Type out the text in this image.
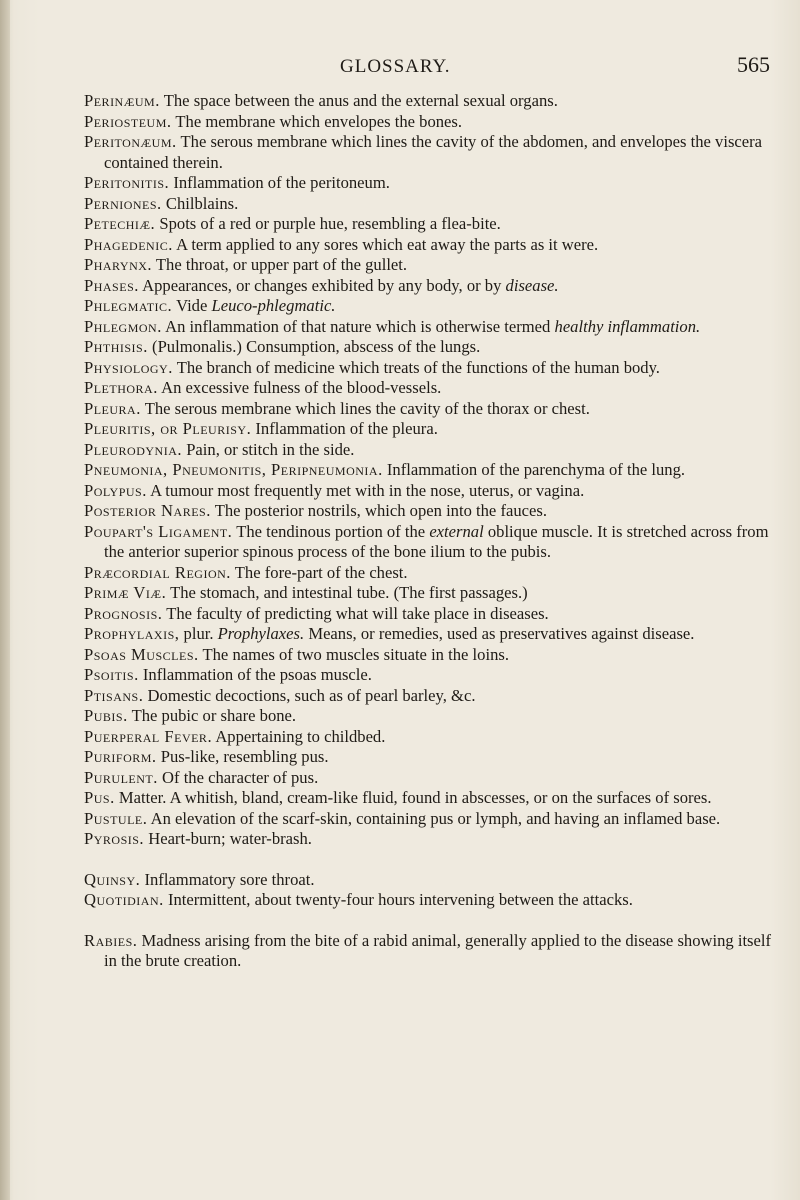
GLOSSARY.	565

Perinæum. The space between the anus and the external sexual organs.

Periosteum. The membrane which envelopes the bones.

Peritonæum. The serous membrane which lines the cavity of the abdomen, and envelopes the viscera contained therein.

Peritonitis. Inflammation of the peritoneum.

Perniones. Chilblains.

Petechiæ. Spots of a red or purple hue, resembling a flea-bite.

Phagedenic. A term applied to any sores which eat away the parts as it were.

Pharynx. The throat, or upper part of the gullet.

Phases. Appearances, or changes exhibited by any body, or by disease.

Phlegmatic. Vide Leuco-phlegmatic.

Phlegmon. An inflammation of that nature which is otherwise termed healthy inflammation.

Phthisis. (Pulmonalis.) Consumption, abscess of the lungs.

Physiology. The branch of medicine which treats of the functions of the human body.

Plethora. An excessive fulness of the blood-vessels.

Pleura. The serous membrane which lines the cavity of the thorax or chest.

Pleuritis, or Pleurisy. Inflammation of the pleura.

Pleurodynia. Pain, or stitch in the side.

Pneumonia, Pneumonitis, Peripneumonia. Inflammation of the parenchyma of the lung.

Polypus. A tumour most frequently met with in the nose, uterus, or vagina.

Posterior Nares. The posterior nostrils, which open into the fauces.

Poupart's Ligament. The tendinous portion of the external oblique muscle. It is stretched across from the anterior superior spinous process of the bone ilium to the pubis.

Præcordial Region. The fore-part of the chest.

Primæ Viæ. The stomach, and intestinal tube. (The first passages.)

Prognosis. The faculty of predicting what will take place in diseases.

Prophylaxis, plur. Prophylaxes. Means, or remedies, used as preservatives against disease.

Psoas Muscles. The names of two muscles situate in the loins.

Psoitis. Inflammation of the psoas muscle.

Ptisans. Domestic decoctions, such as of pearl barley, &c.

Pubis. The pubic or share bone.

Puerperal Fever. Appertaining to childbed.

Puriform. Pus-like, resembling pus.

Purulent. Of the character of pus.

Pus. Matter. A whitish, bland, cream-like fluid, found in abscesses, or on the surfaces of sores.

Pustule. An elevation of the scarf-skin, containing pus or lymph, and having an inflamed base.

Pyrosis. Heart-burn; water-brash.

Quinsy. Inflammatory sore throat.

Quotidian. Intermittent, about twenty-four hours intervening between the attacks.

Rabies. Madness arising from the bite of a rabid animal, generally applied to the disease showing itself in the brute creation.
